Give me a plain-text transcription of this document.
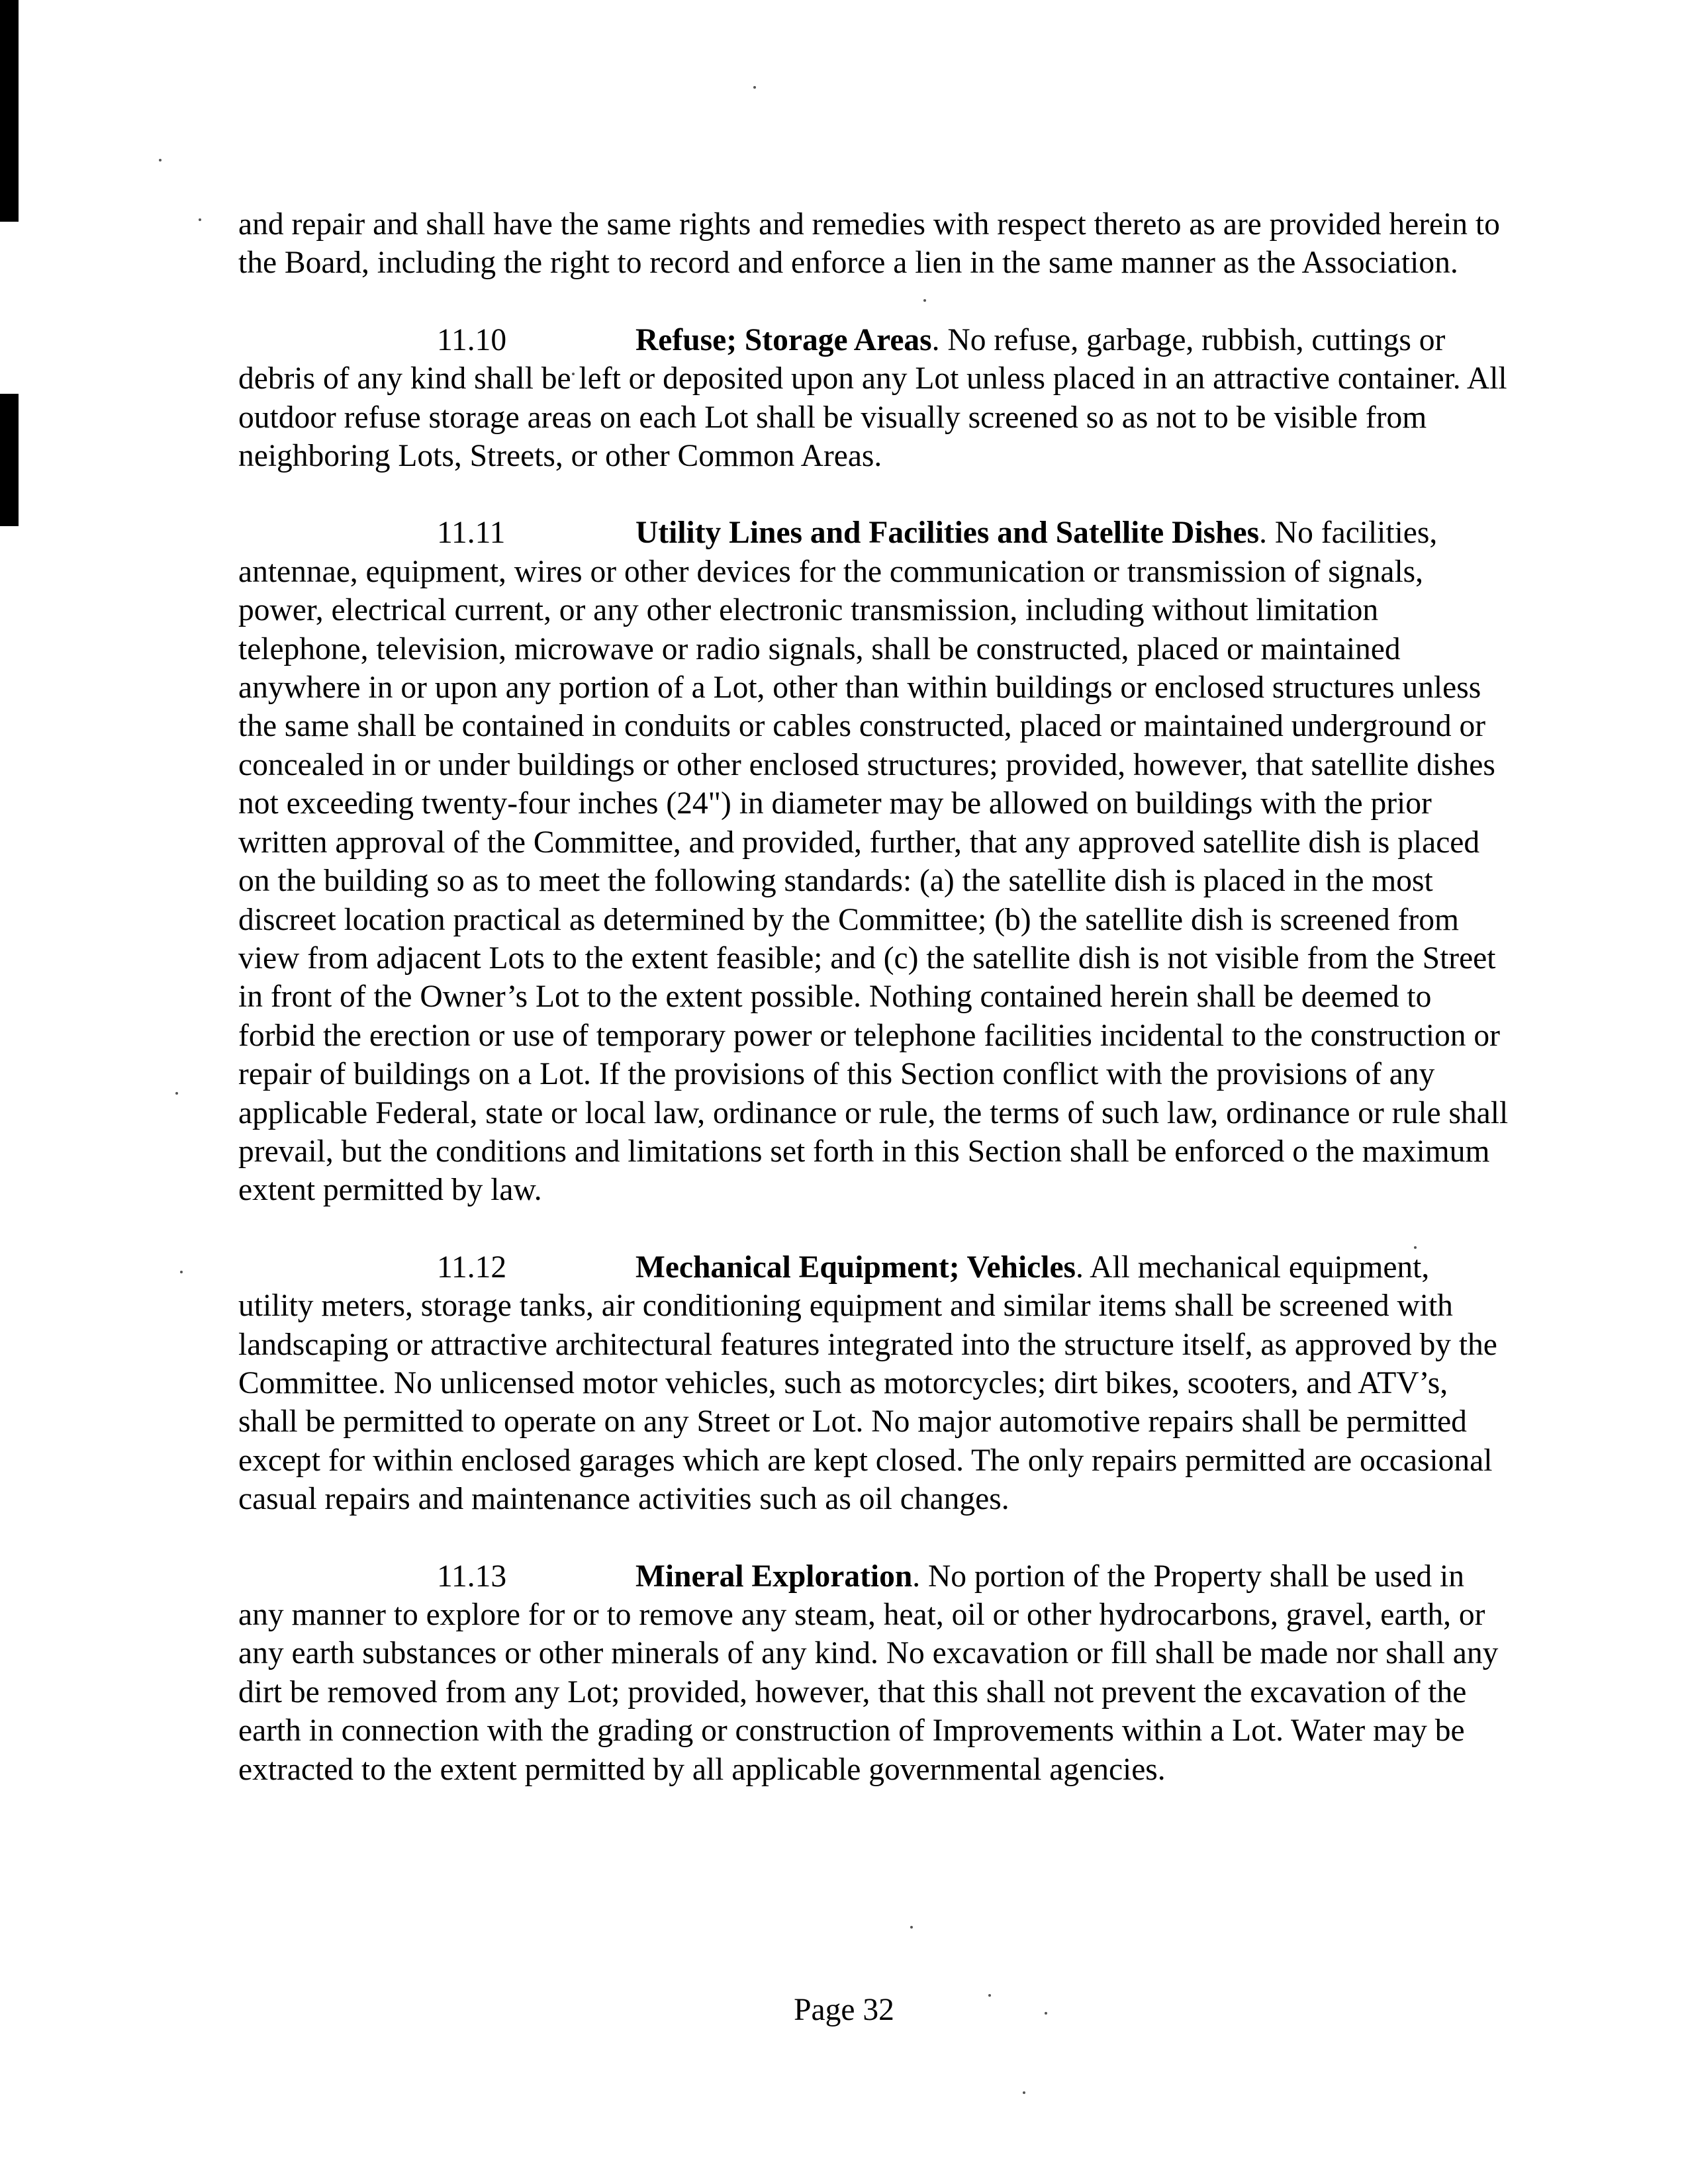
and repair and shall have the same rights and remedies with respect thereto as are provided herein to the Board, including the right to record and enforce a lien in the same manner as the Association.

11.10	Refuse; Storage Areas. No refuse, garbage, rubbish, cuttings or debris of any kind shall be left or deposited upon any Lot unless placed in an attractive container. All outdoor refuse storage areas on each Lot shall be visually screened so as not to be visible from neighboring Lots, Streets, or other Common Areas.

11.11	Utility Lines and Facilities and Satellite Dishes. No facilities, antennae, equipment, wires or other devices for the communication or transmission of signals, power, electrical current, or any other electronic transmission, including without limitation telephone, television, microwave or radio signals, shall be constructed, placed or maintained anywhere in or upon any portion of a Lot, other than within buildings or enclosed structures unless the same shall be contained in conduits or cables constructed, placed or maintained underground or concealed in or under buildings or other enclosed structures; provided, however, that satellite dishes not exceeding twenty-four inches (24") in diameter may be allowed on buildings with the prior written approval of the Committee, and provided, further, that any approved satellite dish is placed on the building so as to meet the following standards: (a) the satellite dish is placed in the most discreet location practical as determined by the Committee; (b) the satellite dish is screened from view from adjacent Lots to the extent feasible; and (c) the satellite dish is not visible from the Street in front of the Owner’s Lot to the extent possible. Nothing contained herein shall be deemed to forbid the erection or use of temporary power or telephone facilities incidental to the construction or repair of buildings on a Lot. If the provisions of this Section conflict with the provisions of any applicable Federal, state or local law, ordinance or rule, the terms of such law, ordinance or rule shall prevail, but the conditions and limitations set forth in this Section shall be enforced o the maximum extent permitted by law.

11.12	Mechanical Equipment; Vehicles. All mechanical equipment, utility meters, storage tanks, air conditioning equipment and similar items shall be screened with landscaping or attractive architectural features integrated into the structure itself, as approved by the Committee. No unlicensed motor vehicles, such as motorcycles; dirt bikes, scooters, and ATV’s, shall be permitted to operate on any Street or Lot. No major automotive repairs shall be permitted except for within enclosed garages which are kept closed. The only repairs permitted are occasional casual repairs and maintenance activities such as oil changes.

11.13	Mineral Exploration. No portion of the Property shall be used in any manner to explore for or to remove any steam, heat, oil or other hydrocarbons, gravel, earth, or any earth substances or other minerals of any kind. No excavation or fill shall be made nor shall any dirt be removed from any Lot; provided, however, that this shall not prevent the excavation of the earth in connection with the grading or construction of Improvements within a Lot. Water may be extracted to the extent permitted by all applicable governmental agencies.

Page 32
